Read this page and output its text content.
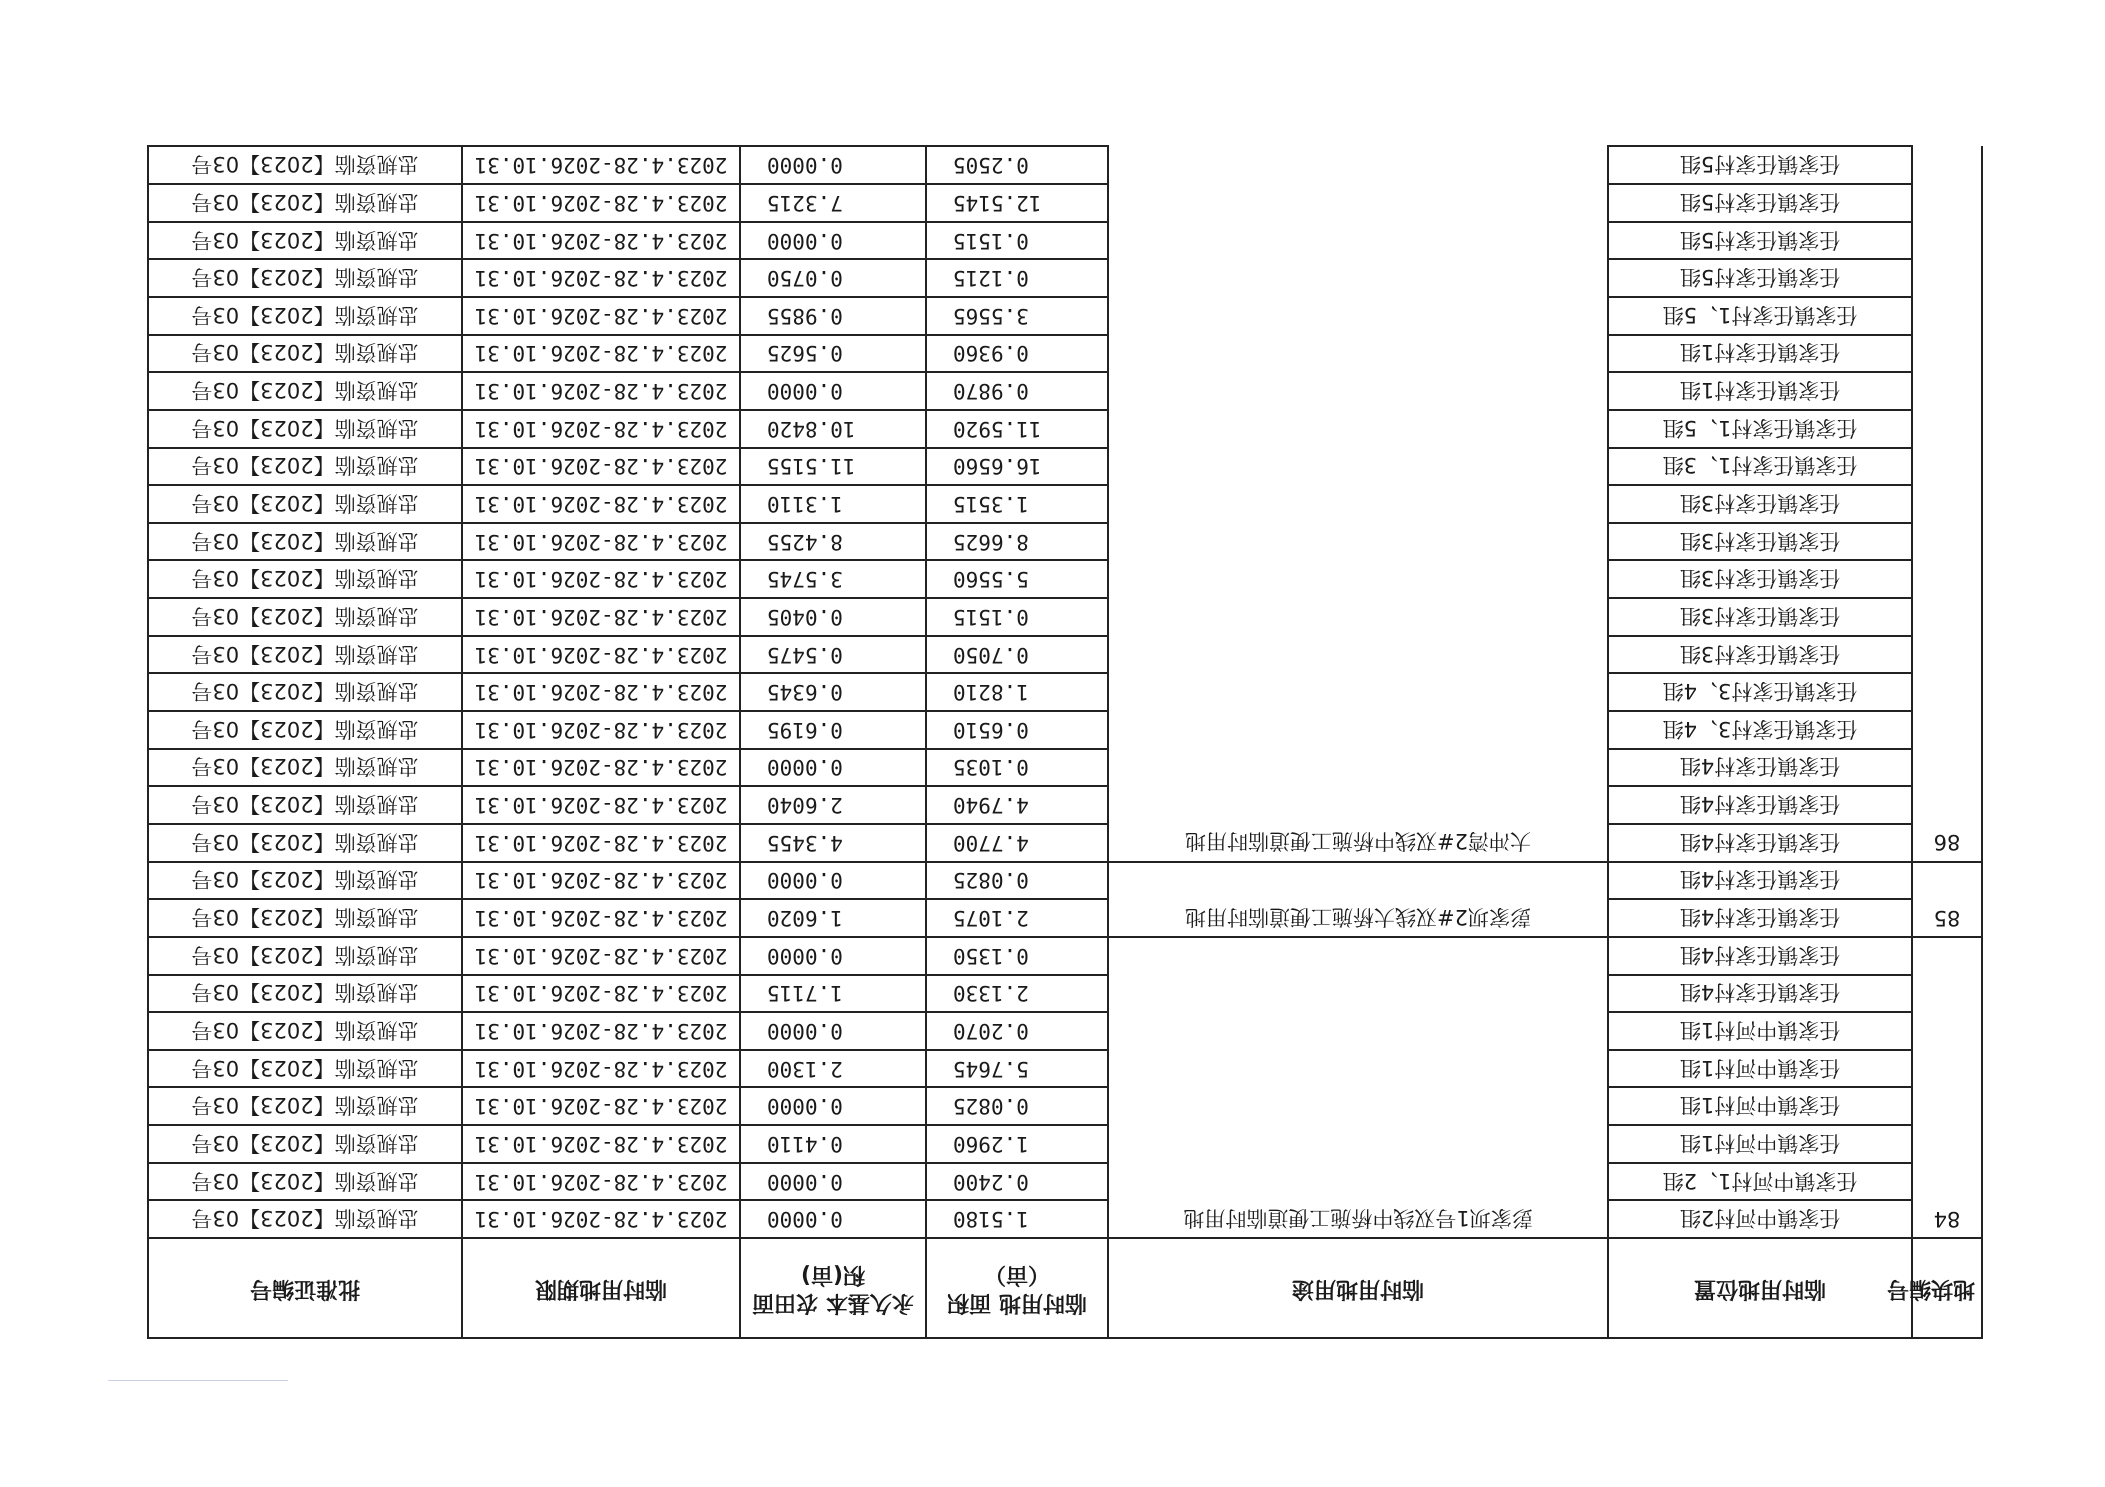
地块编号	临时用地位置	临时用地用途	临时用地 面积（亩）	永久基本 农田面积(亩)	临时用地期限	批准证编号
84	任家镇中河村2组	彭家坝1号双线中桥施工便道临时用地	1.5180	0.0000	2023.4.28-2026.10.31	忠规资临【2023】03号
	任家镇中河村1、2组		0.2400	0.0000	2023.4.28-2026.10.31	忠规资临【2023】03号
	任家镇中河村1组		1.2960	0.4110	2023.4.28-2026.10.31	忠规资临【2023】03号
	任家镇中河村1组		0.0825	0.0000	2023.4.28-2026.10.31	忠规资临【2023】03号
	任家镇中河村1组		5.7645	2.1300	2023.4.28-2026.10.31	忠规资临【2023】03号
	任家镇中河村1组		0.2070	0.0000	2023.4.28-2026.10.31	忠规资临【2023】03号
	任家镇任家村4组		2.1330	1.7115	2023.4.28-2026.10.31	忠规资临【2023】03号
	任家镇任家村4组		0.1350	0.0000	2023.4.28-2026.10.31	忠规资临【2023】03号
85	任家镇任家村4组	彭家坝2#双线大桥施工便道临时用地	2.1075	1.6020	2023.4.28-2026.10.31	忠规资临【2023】03号
	任家镇任家村4组		0.0825	0.0000	2023.4.28-2026.10.31	忠规资临【2023】03号
86	任家镇任家村4组	大冲湾2#双线中桥施工便道临时用地	4.7700	4.3455	2023.4.28-2026.10.31	忠规资临【2023】03号
	任家镇任家村4组		4.7940	2.6040	2023.4.28-2026.10.31	忠规资临【2023】03号
	任家镇任家村4组		0.1035	0.0000	2023.4.28-2026.10.31	忠规资临【2023】03号
	任家镇任家村3、4组		0.6510	0.6195	2023.4.28-2026.10.31	忠规资临【2023】03号
	任家镇任家村3、4组		1.8210	0.6345	2023.4.28-2026.10.31	忠规资临【2023】03号
	任家镇任家村3组		0.7050	0.5475	2023.4.28-2026.10.31	忠规资临【2023】03号
	任家镇任家村3组		0.1515	0.0405	2023.4.28-2026.10.31	忠规资临【2023】03号
	任家镇任家村3组		5.5560	3.5745	2023.4.28-2026.10.31	忠规资临【2023】03号
	任家镇任家村3组		8.6625	8.4255	2023.4.28-2026.10.31	忠规资临【2023】03号
	任家镇任家村3组		1.3515	1.3110	2023.4.28-2026.10.31	忠规资临【2023】03号
	任家镇任家村1、3组		16.6560	11.5155	2023.4.28-2026.10.31	忠规资临【2023】03号
	任家镇任家村1、5组		11.5920	10.8420	2023.4.28-2026.10.31	忠规资临【2023】03号
	任家镇任家村1组		0.9870	0.0000	2023.4.28-2026.10.31	忠规资临【2023】03号
	任家镇任家村1组		0.9360	0.5625	2023.4.28-2026.10.31	忠规资临【2023】03号
	任家镇任家村1、5组		3.5565	0.9855	2023.4.28-2026.10.31	忠规资临【2023】03号
	任家镇任家村5组		0.1215	0.0750	2023.4.28-2026.10.31	忠规资临【2023】03号
	任家镇任家村5组		0.1515	0.0000	2023.4.28-2026.10.31	忠规资临【2023】03号
	任家镇任家村5组		12.5145	7.3215	2023.4.28-2026.10.31	忠规资临【2023】03号
	任家镇任家村5组		0.2505	0.0000	2023.4.28-2026.10.31	忠规资临【2023】03号
